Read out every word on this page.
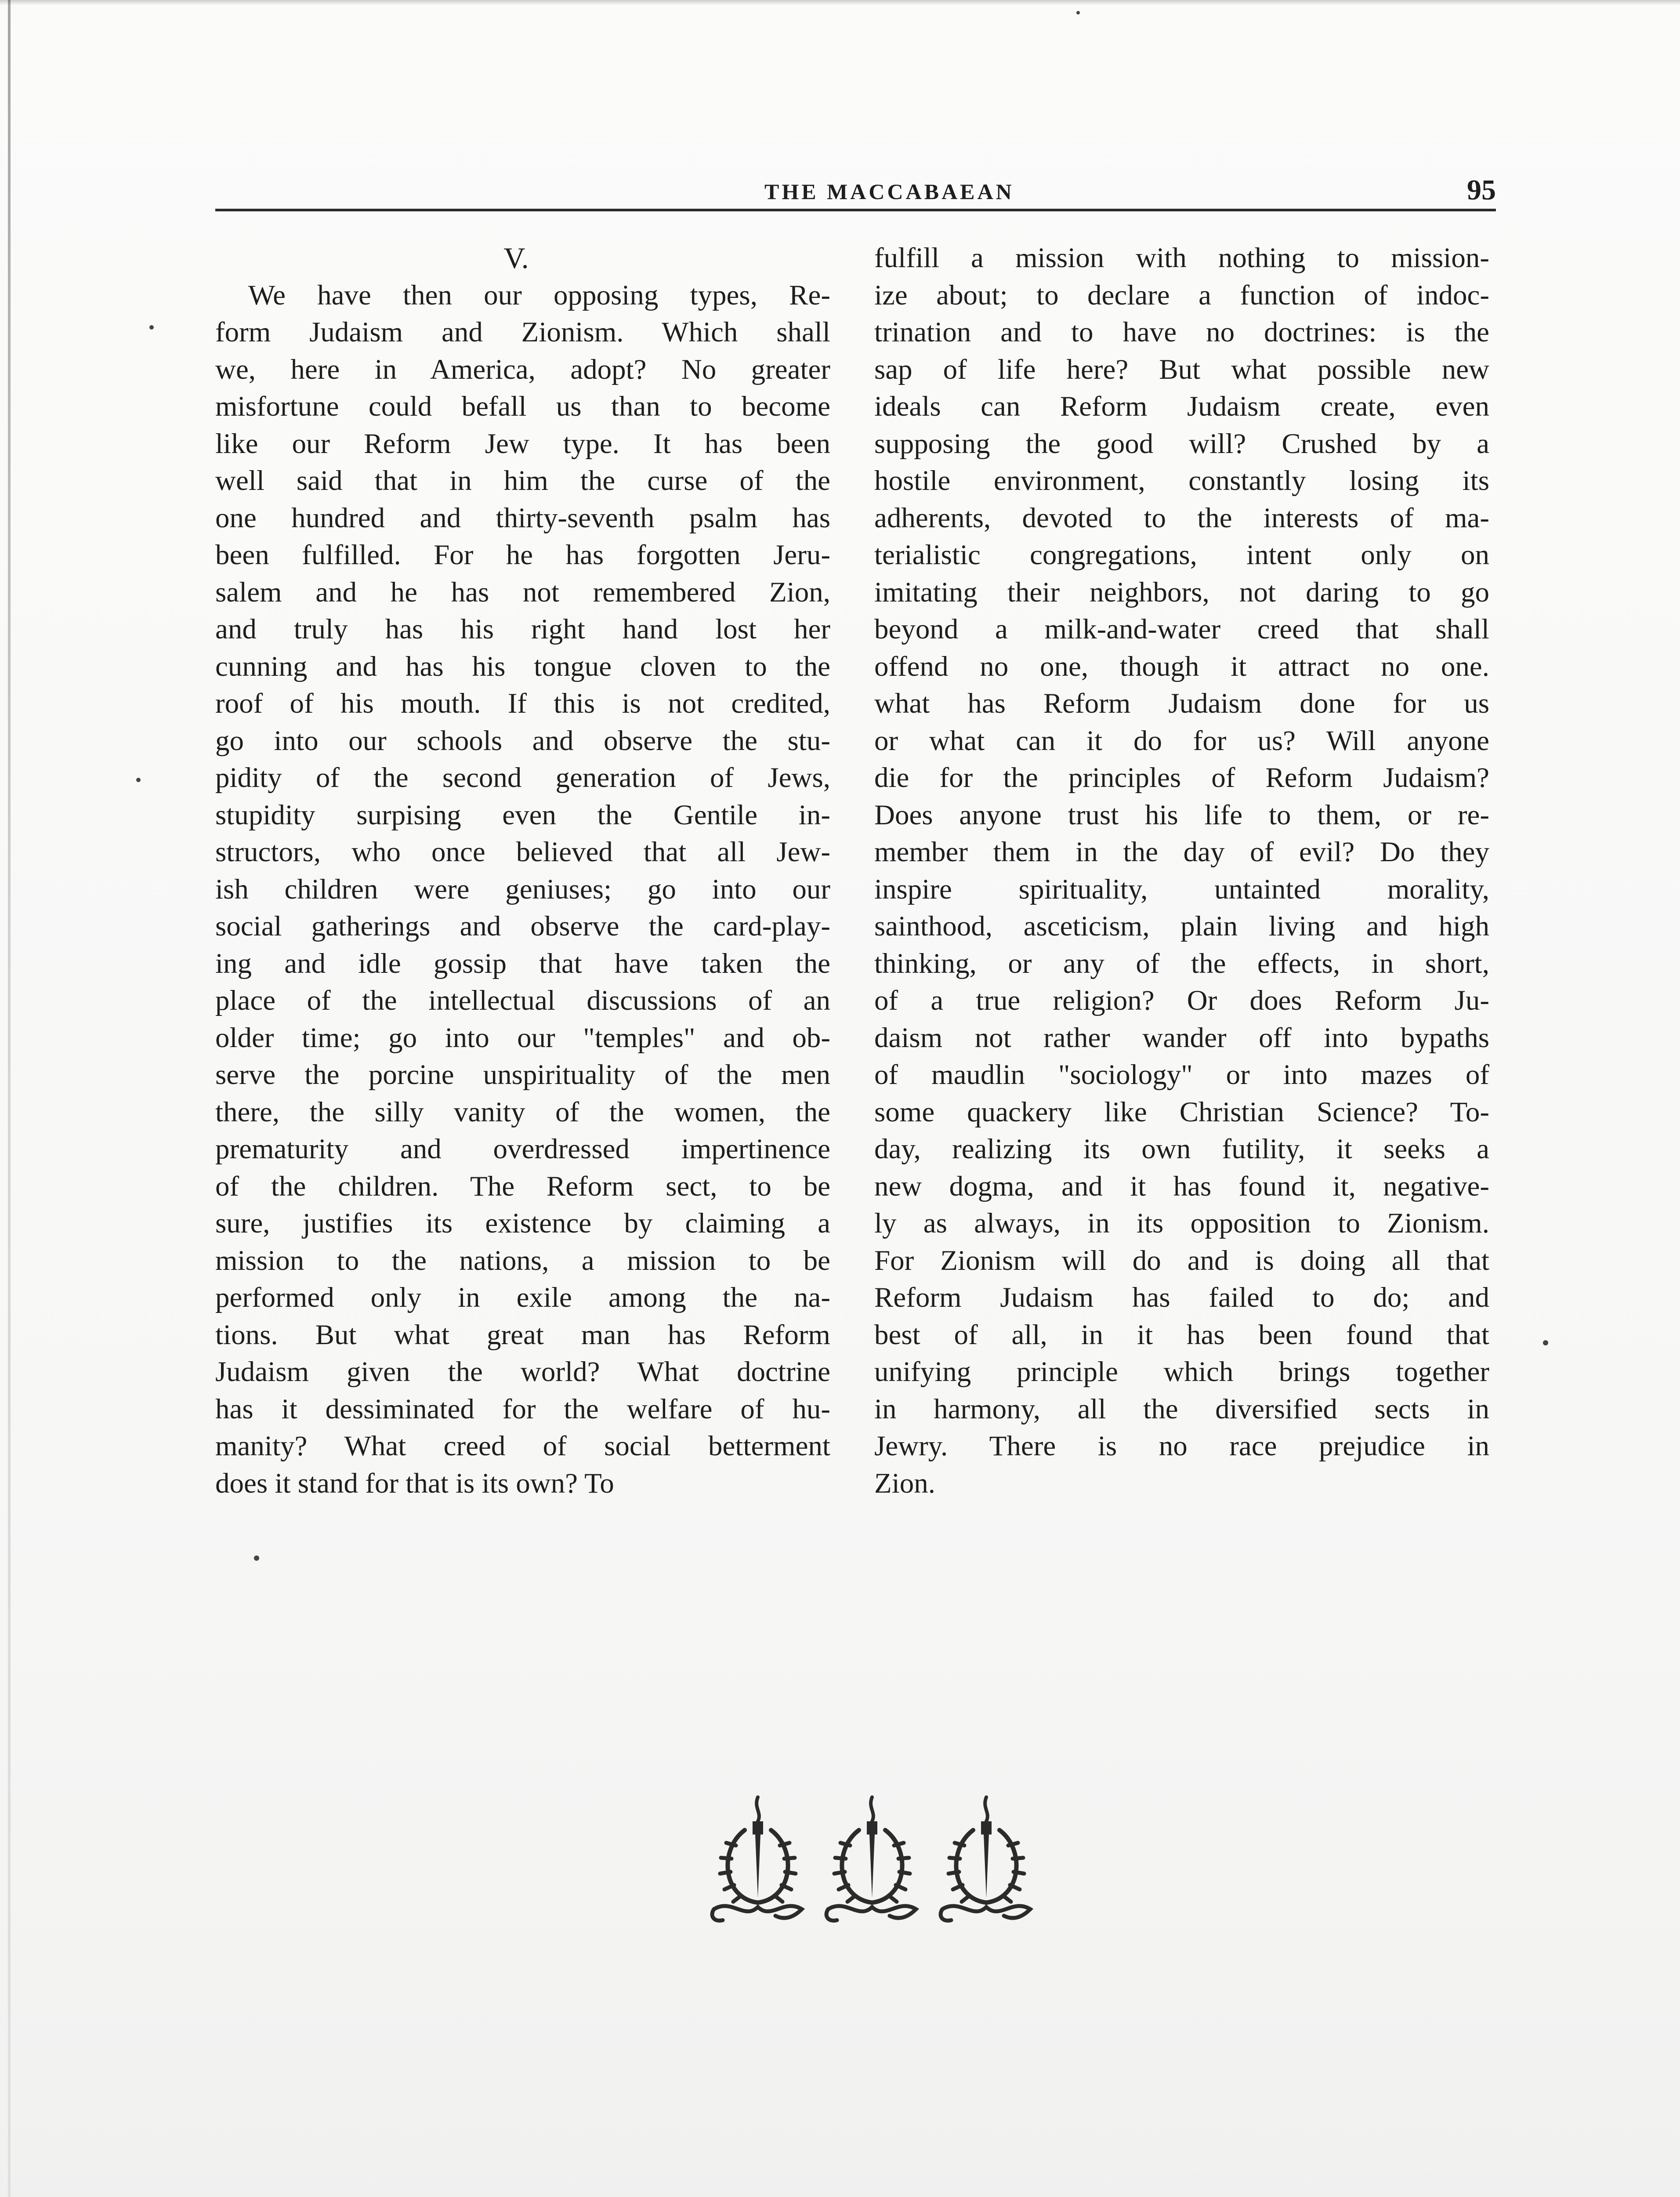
THE MACCABAEAN	95
V.
We have then our opposing types, Re-
form Judaism and Zionism. Which shall
we, here in America, adopt? No greater
misfortune could befall us than to become
like our Reform Jew type. It has been
well said that in him the curse of the
one hundred and thirty-seventh psalm has
been fulfilled. For he has forgotten Jeru-
salem and he has not remembered Zion,
and truly has his right hand lost her
cunning and has his tongue cloven to the
roof of his mouth. If this is not credited,
go into our schools and observe the stu-
pidity of the second generation of Jews,
stupidity surpising even the Gentile in-
structors, who once believed that all Jew-
ish children were geniuses; go into our
social gatherings and observe the card-play-
ing and idle gossip that have taken the
place of the intellectual discussions of an
older time; go into our "temples" and ob-
serve the porcine unspirituality of the men
there, the silly vanity of the women, the
prematurity and overdressed impertinence
of the children. The Reform sect, to be
sure, justifies its existence by claiming a
mission to the nations, a mission to be
performed only in exile among the na-
tions. But what great man has Reform
Judaism given the world? What doctrine
has it dessiminated for the welfare of hu-
manity? What creed of social betterment
does it stand for that is its own? To
fulfill a mission with nothing to mission-
ize about; to declare a function of indoc-
trination and to have no doctrines: is the
sap of life here? But what possible new
ideals can Reform Judaism create, even
supposing the good will? Crushed by a
hostile environment, constantly losing its
adherents, devoted to the interests of ma-
terialistic congregations, intent only on
imitating their neighbors, not daring to go
beyond a milk-and-water creed that shall
offend no one, though it attract no one.
what has Reform Judaism done for us
or what can it do for us? Will anyone
die for the principles of Reform Judaism?
Does anyone trust his life to them, or re-
member them in the day of evil? Do they
inspire spirituality, untainted morality,
sainthood, asceticism, plain living and high
thinking, or any of the effects, in short,
of a true religion? Or does Reform Ju-
daism not rather wander off into bypaths
of maudlin "sociology" or into mazes of
some quackery like Christian Science? To-
day, realizing its own futility, it seeks a
new dogma, and it has found it, negative-
ly as always, in its opposition to Zionism.
For Zionism will do and is doing all that
Reform Judaism has failed to do; and
best of all, in it has been found that
unifying principle which brings together
in harmony, all the diversified sects in
Jewry. There is no race prejudice in
Zion.
